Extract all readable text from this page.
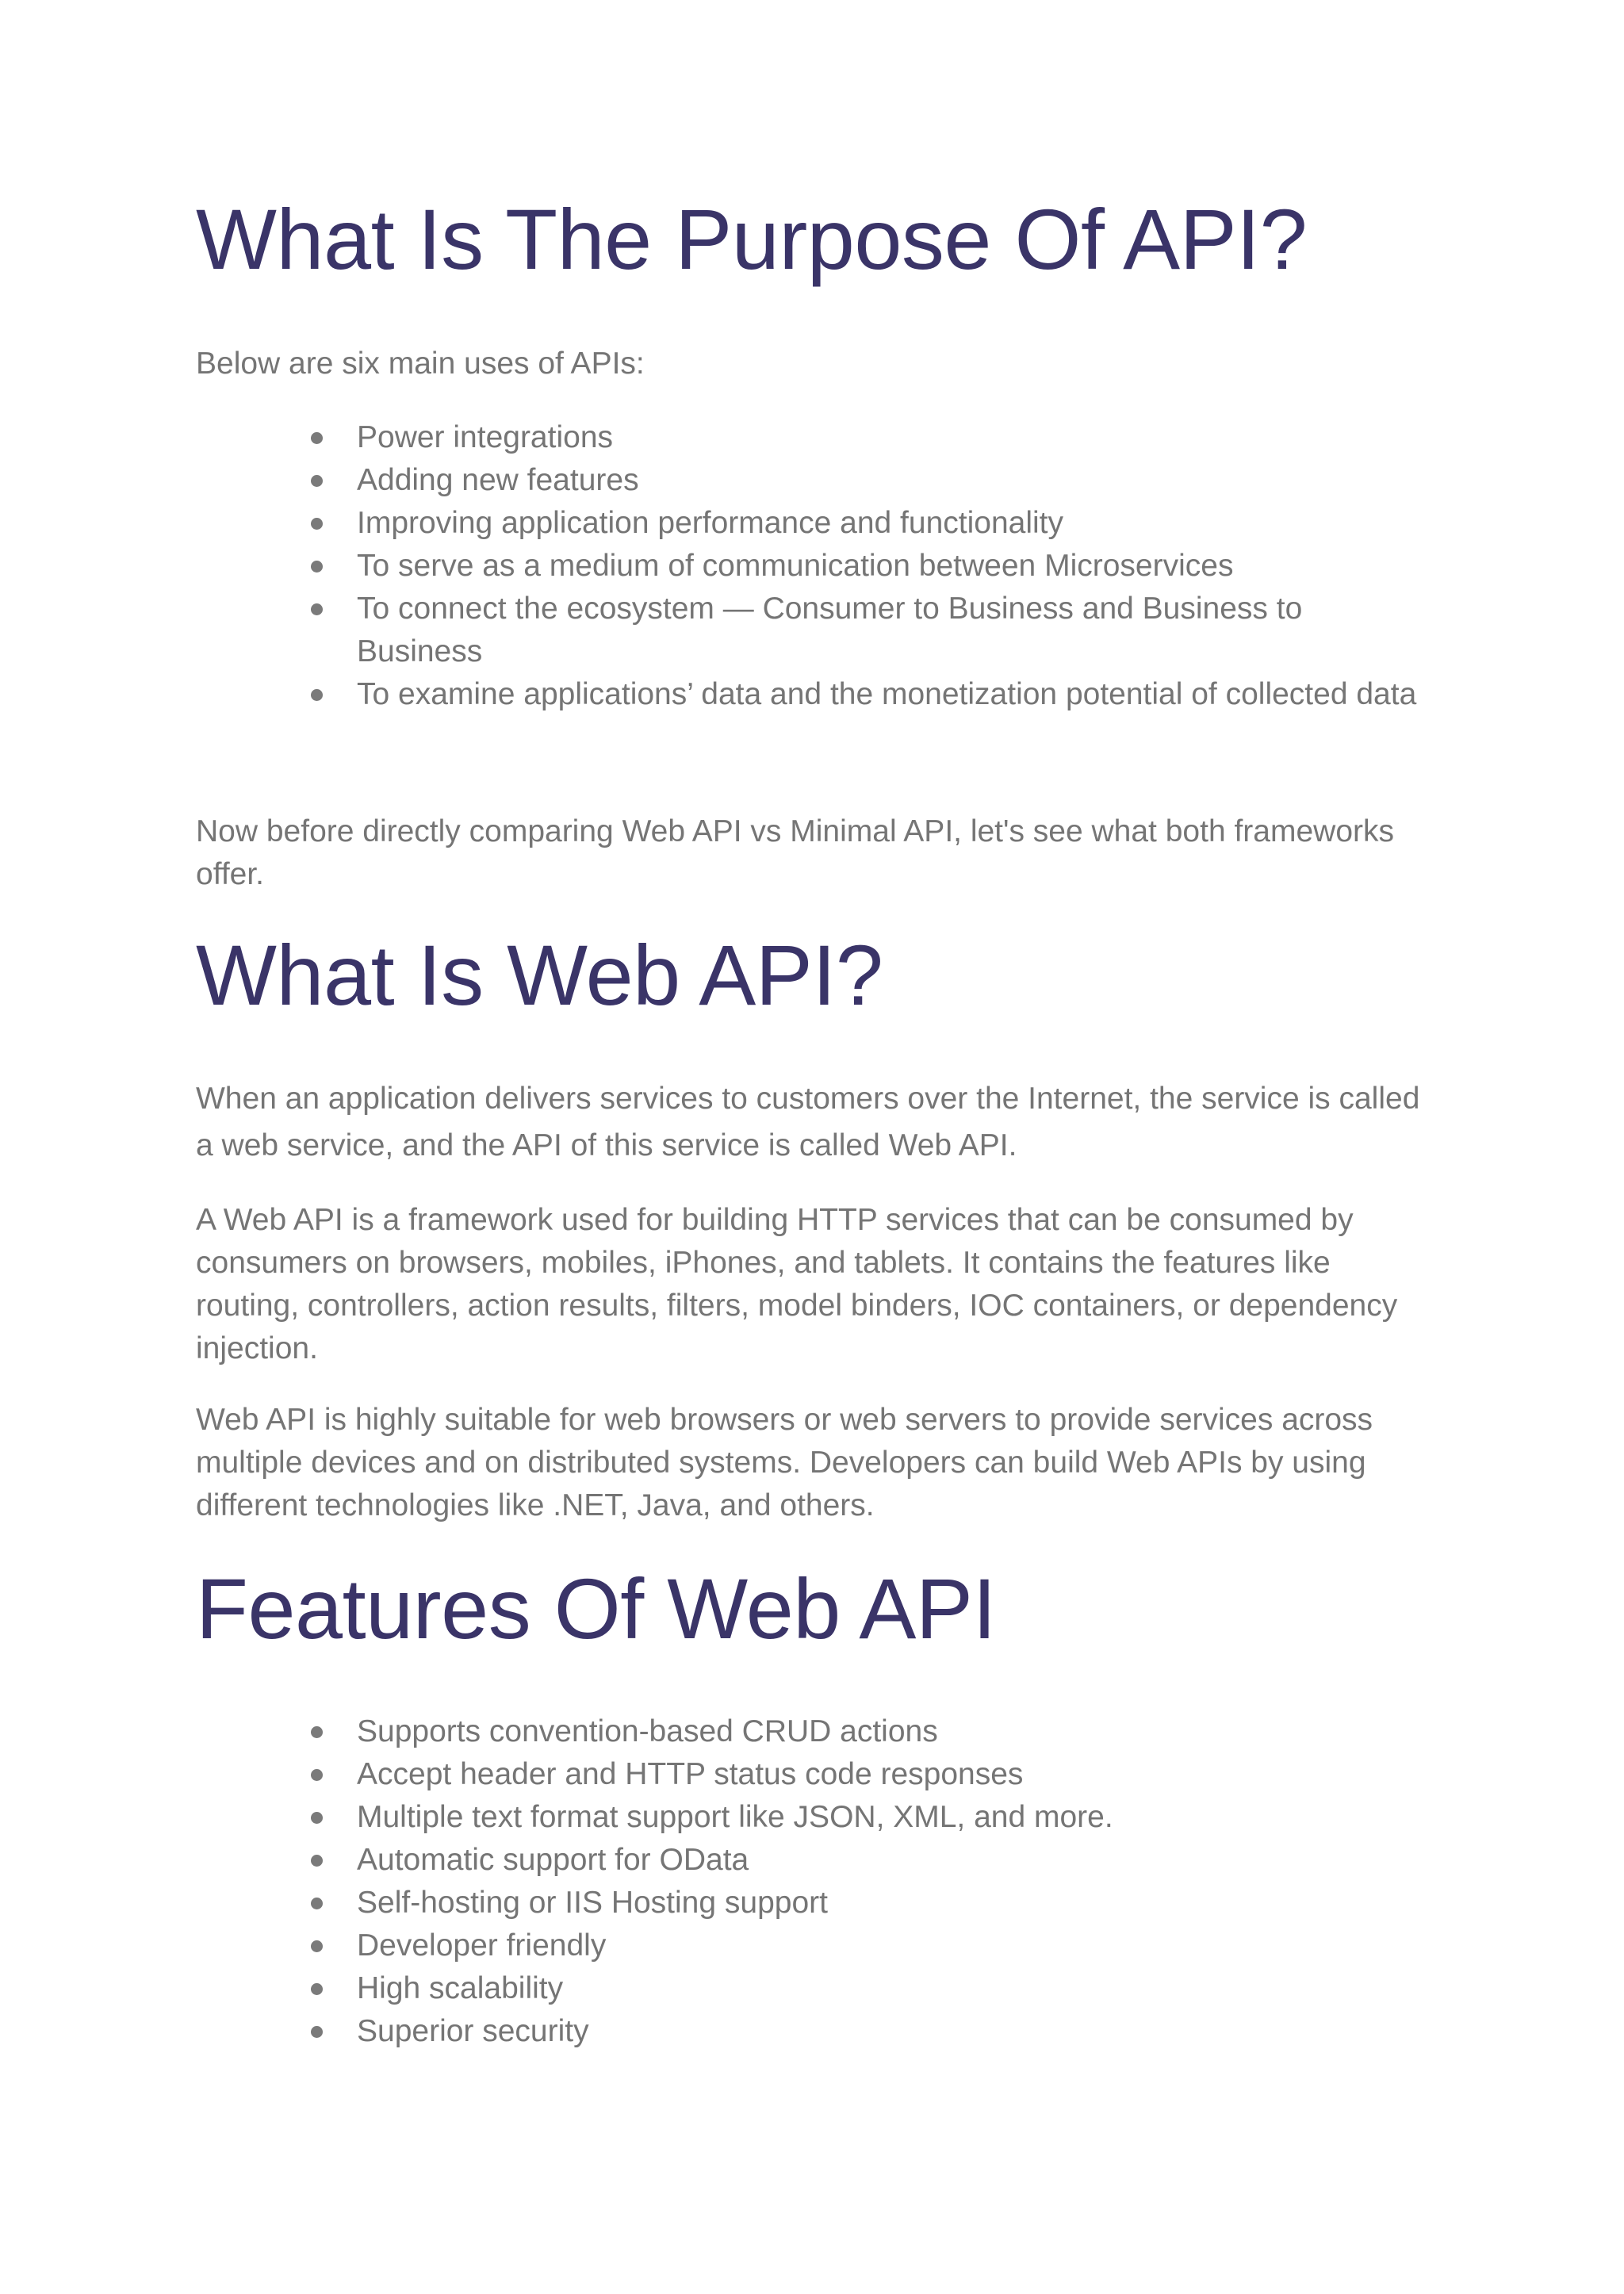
What Is The Purpose Of API?

Below are six main uses of APIs:

Power integrations
Adding new features
Improving application performance and functionality
To serve as a medium of communication between Microservices
To connect the ecosystem — Consumer to Business and Business to Business
To examine applications’ data and the monetization potential of collected data

Now before directly comparing Web API vs Minimal API, let's see what both frameworks offer.

What Is Web API?

When an application delivers services to customers over the Internet, the service is called a web service, and the API of this service is called Web API.

A Web API is a framework used for building HTTP services that can be consumed by consumers on browsers, mobiles, iPhones, and tablets. It contains the features like routing, controllers, action results, filters, model binders, IOC containers, or dependency injection.

Web API is highly suitable for web browsers or web servers to provide services across multiple devices and on distributed systems. Developers can build Web APIs by using different technologies like .NET, Java, and others.

Features Of Web API
Supports convention-based CRUD actions
Accept header and HTTP status code responses
Multiple text format support like JSON, XML, and more.
Automatic support for OData
Self-hosting or IIS Hosting support
Developer friendly
High scalability
Superior security
